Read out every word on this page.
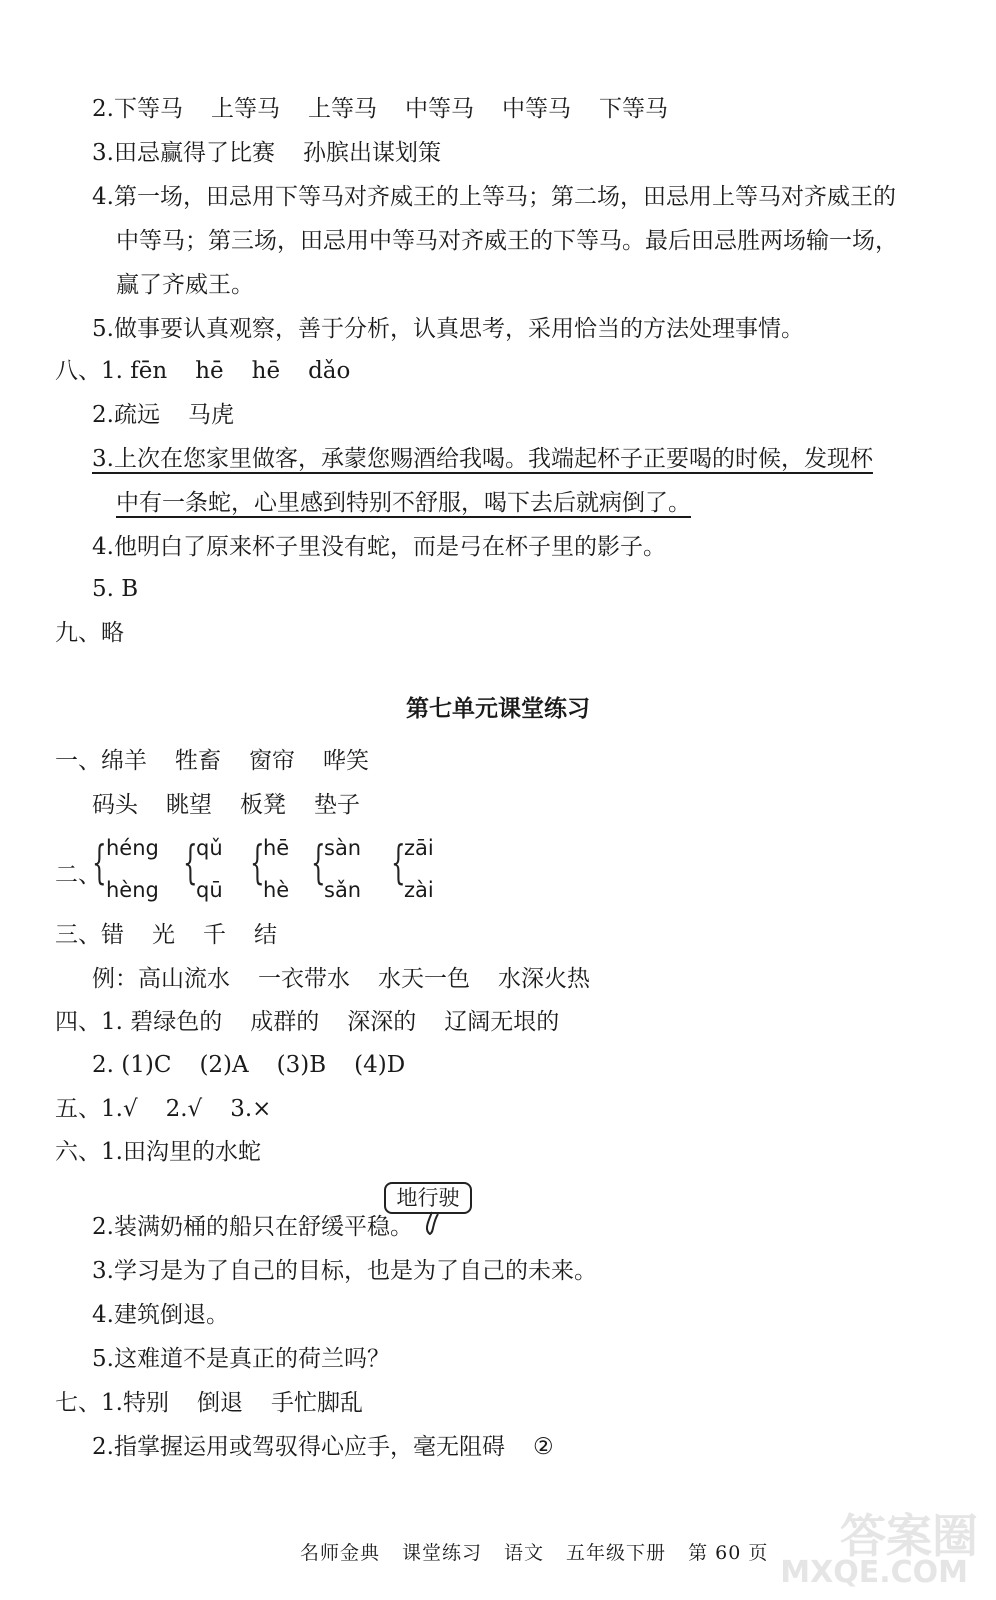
2.下等马 上等马 上等马 中等马 中等马 下等马
3.田忌赢得了比赛 孙膑出谋划策
4.第一场，田忌用下等马对齐威王的上等马；第二场，田忌用上等马对齐威王的
中等马；第三场，田忌用中等马对齐威王的下等马。最后田忌胜两场输一场，
赢了齐威王。
5.做事要认真观察，善于分析，认真思考，采用恰当的方法处理事情。
八、1. fēn hē hē dǎo
2.疏远 马虎
3.上次在您家里做客，承蒙您赐酒给我喝。我端起杯子正要喝的时候，发现杯
中有一条蛇，心里感到特别不舒服，喝下去后就病倒了。
4.他明白了原来杯子里没有蛇，而是弓在杯子里的影子。
5. B
九、略
第七单元课堂练习
一、绵羊 牲畜 窗帘 哗笑
码头 眺望 板凳 垫子
二、
{ héng
hèng
{
qǔ
qū
{
hē
hè
{
sàn
sǎn
{
zāi
zài
三、错 光 千 结
例：高山流水 一衣带水 水天一色 水深火热
四、1. 碧绿色的 成群的 深深的 辽阔无垠的
2. (1)C (2)A (3)B (4)D
五、1.√ 2.√ 3.×
六、1.田沟里的水蛇
地行驶
2.装满奶桶的船只在舒缓平稳。
3.学习是为了自己的目标，也是为了自己的未来。
4.建筑倒退。
5.这难道不是真正的荷兰吗？
七、1.特别 倒退 手忙脚乱
2.指掌握运用或驾驭得心应手，毫无阻碍 ②
名师金典 课堂练习 语文 五年级下册 第 60 页	答案圈
MXQE.COM
